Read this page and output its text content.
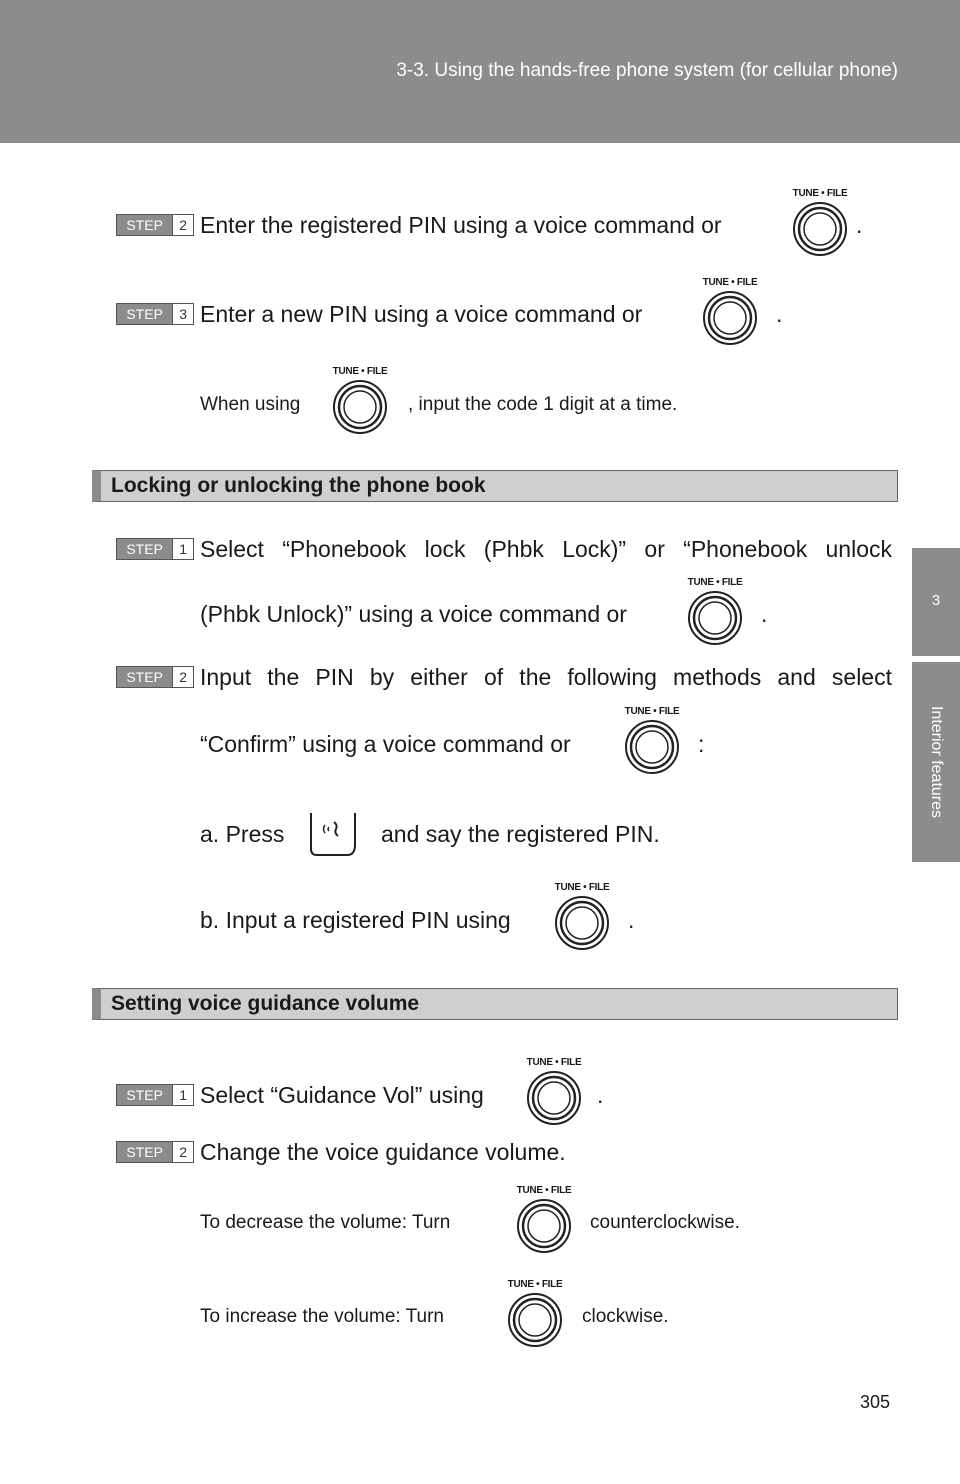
3-3. Using the hands-free phone system (for cellular phone)
3
Interior features
STEP	2 Enter the registered PIN using a voice command or
TUNE • FILE
.
STEP	3 Enter a new PIN using a voice command or
TUNE • FILE
.
When using
TUNE • FILE
, input the code 1 digit at a time.
Locking or unlocking the phone book
STEP	1 Select “Phonebook lock (Phbk Lock)” or “Phonebook unlock
(Phbk Unlock)” using a voice command or
TUNE • FILE
.
STEP	2 Input the PIN by either of the following methods and select
“Confirm” using a voice command or
TUNE • FILE
:
a. Press	and say the registered PIN.
b. Input a registered PIN using
TUNE • FILE
.
Setting voice guidance volume
STEP	1 Select “Guidance Vol” using
TUNE • FILE
.
STEP	2 Change the voice guidance volume.
To decrease the volume: Turn
TUNE • FILE
counterclockwise.
To increase the volume: Turn
TUNE • FILE
clockwise.
305
